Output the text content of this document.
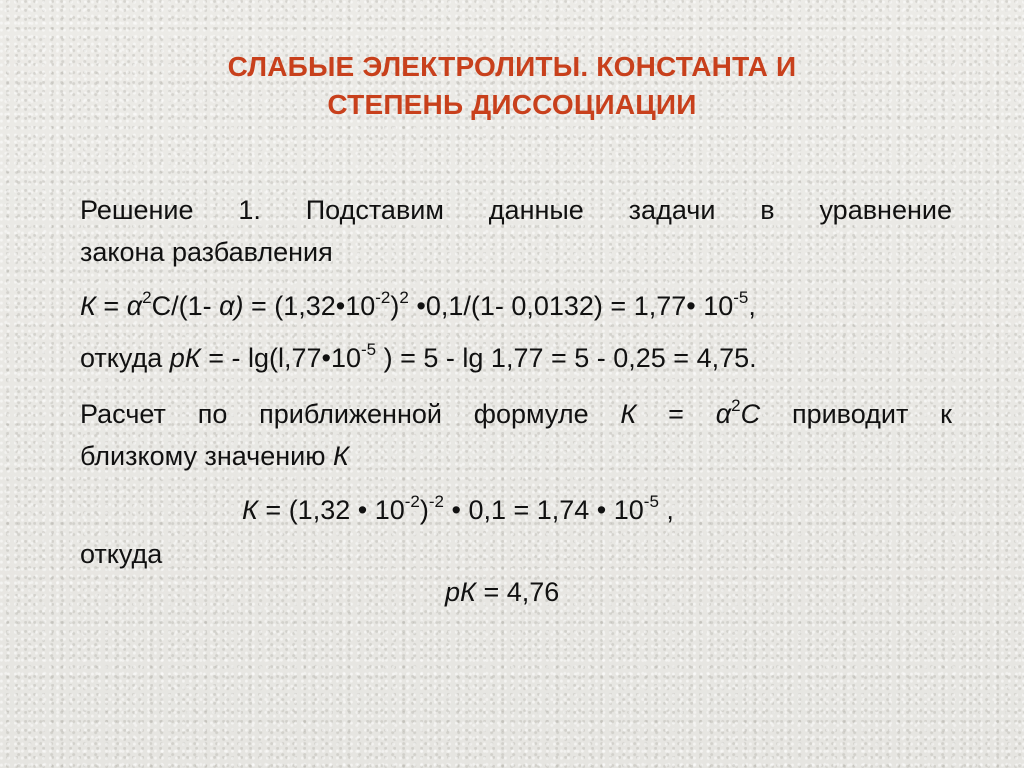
СЛАБЫЕ ЭЛЕКТРОЛИТЫ. КОНСТАНТА И
СТЕПЕНЬ ДИССОЦИАЦИИ
Решение 1. Подставим данные задачи в уравнение
закона разбавления
$К = \alpha^2С/(1-$ $\alpha) = (1,32•10^{-2})^2$ •0,1/(1- 0,0132) = 1,77• $10^{-5}$,
откуда рК = - $\lg(l,77•10^{-5}$ ) = 5 - lg 1,77 = 5 - 0,25 = 4,75.
Расчет по приближенной формуле $К = \alpha^2С$ приводит к
близкому значению К
К = (1,32 • $10^{-2})^{-2}$ • 0,1 = 1,74 • $10^{-5}$ ,
откуда
рК = 4,76
